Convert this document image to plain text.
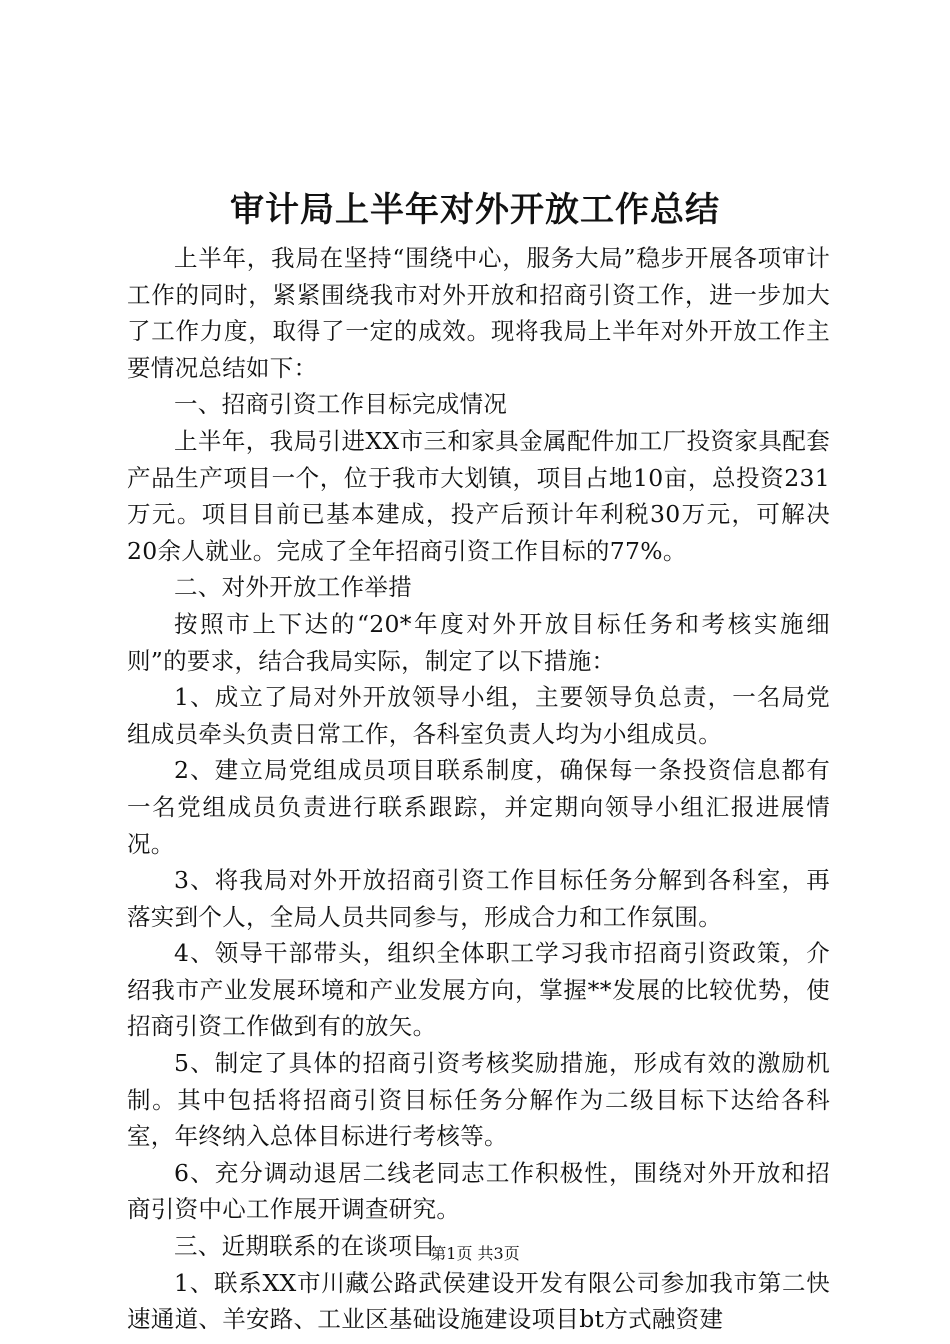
审计局上半年对外开放工作总结

上半年，我局在坚持“围绕中心，服务大局”稳步开展各项审计工作的同时，紧紧围绕我市对外开放和招商引资工作，进一步加大了工作力度，取得了一定的成效。现将我局上半年对外开放工作主要情况总结如下：

一、招商引资工作目标完成情况

上半年，我局引进XX市三和家具金属配件加工厂投资家具配套产品生产项目一个，位于我市大划镇，项目占地10亩，总投资231万元。项目目前已基本建成，投产后预计年利税30万元，可解决20余人就业。完成了全年招商引资工作目标的77%。

二、对外开放工作举措

按照市上下达的“20*年度对外开放目标任务和考核实施细则”的要求，结合我局实际，制定了以下措施：

1、成立了局对外开放领导小组，主要领导负总责，一名局党组成员牵头负责日常工作，各科室负责人均为小组成员。

2、建立局党组成员项目联系制度，确保每一条投资信息都有一名党组成员负责进行联系跟踪，并定期向领导小组汇报进展情况。

3、将我局对外开放招商引资工作目标任务分解到各科室，再落实到个人，全局人员共同参与，形成合力和工作氛围。

4、领导干部带头，组织全体职工学习我市招商引资政策，介绍我市产业发展环境和产业发展方向，掌握**发展的比较优势，使招商引资工作做到有的放矢。

5、制定了具体的招商引资考核奖励措施，形成有效的激励机制。其中包括将招商引资目标任务分解作为二级目标下达给各科室，年终纳入总体目标进行考核等。

6、充分调动退居二线老同志工作积极性，围绕对外开放和招商引资中心工作展开调查研究。

三、近期联系的在谈项目

1、联系XX市川藏公路武侯建设开发有限公司参加我市第二快速通道、羊安路、工业区基础设施建设项目bt方式融资建

第1页 共3页
